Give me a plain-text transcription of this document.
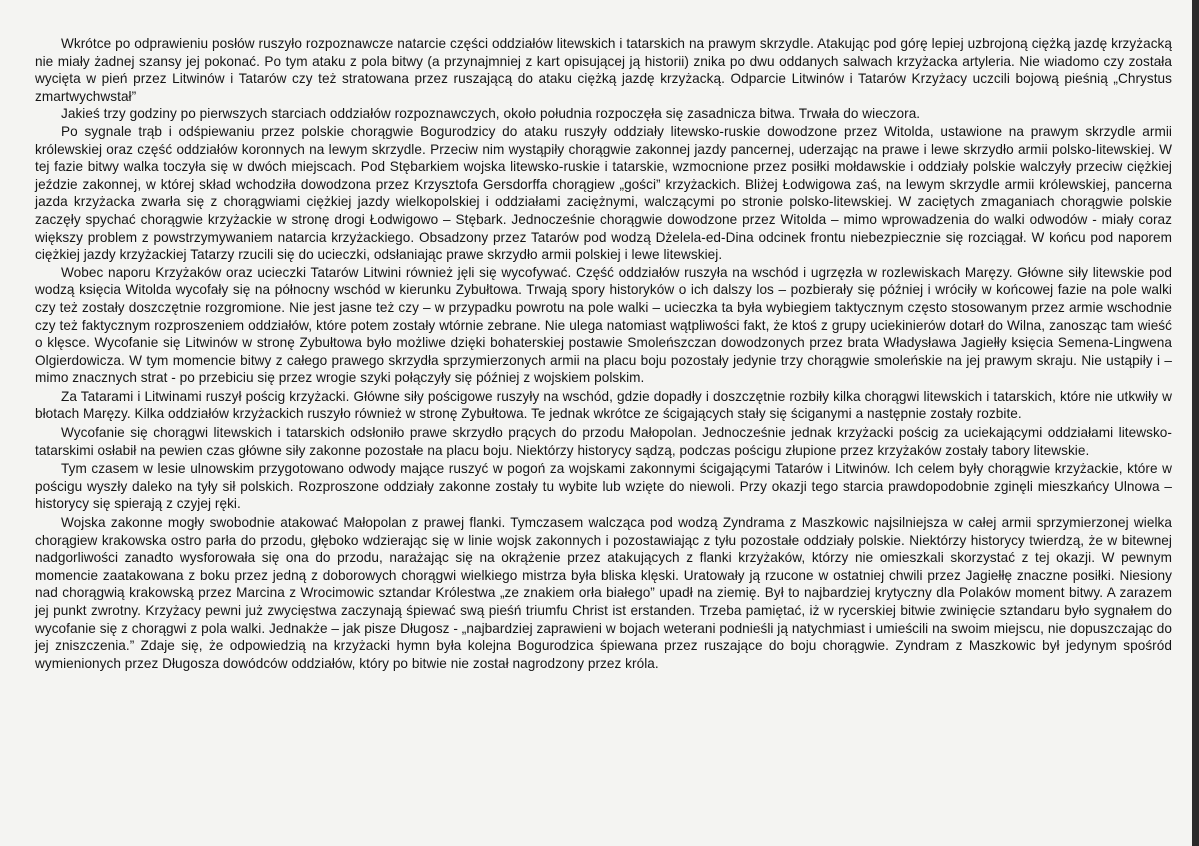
Wkrótce po odprawieniu posłów ruszyło rozpoznawcze natarcie części oddziałów litewskich i tatarskich na prawym skrzydle. Atakując pod górę lepiej uzbrojoną ciężką jazdę krzyżacką nie miały żadnej szansy jej pokonać. Po tym ataku z pola bitwy (a przynajmniej z kart opisującej ją historii) znika po dwu oddanych salwach krzyżacka artyleria. Nie wiadomo czy została wycięta w pień przez Litwinów i Tatarów czy też stratowana przez ruszającą do ataku ciężką jazdę krzyżacką. Odparcie Litwinów i Tatarów Krzyżacy uczcili bojową pieśnią „Chrystus zmartwychwstał”

Jakieś trzy godziny po pierwszych starciach oddziałów rozpoznawczych, około południa rozpoczęła się zasadnicza bitwa. Trwała do wieczora.

Po sygnale trąb i odśpiewaniu przez polskie chorągwie Bogurodzicy do ataku ruszyły oddziały litewsko-ruskie dowodzone przez Witolda, ustawione na prawym skrzydle armii królewskiej oraz część oddziałów koronnych na lewym skrzydle. Przeciw nim wystąpiły chorągwie zakonnej jazdy pancernej, uderzając na prawe i lewe skrzydło armii polsko-litewskiej. W tej fazie bitwy walka toczyła się w dwóch miejscach. Pod Stębarkiem wojska litewsko-ruskie i tatarskie, wzmocnione przez posiłki mołdawskie i oddziały polskie walczyły przeciw ciężkiej jeździe zakonnej, w której skład wchodziła dowodzona przez Krzysztofa Gersdorffa chorągiew „gości” krzyżackich. Bliżej Łodwigowa zaś, na lewym skrzydle armii królewskiej, pancerna jazda krzyżacka zwarła się z chorągwiami ciężkiej jazdy wielkopolskiej i oddziałami zaciężnymi, walczącymi po stronie polsko-litewskiej. W zaciętych zmaganiach chorągwie polskie zaczęły spychać chorągwie krzyżackie w stronę drogi Łodwigowo – Stębark. Jednocześnie chorągwie dowodzone przez Witolda – mimo wprowadzenia do walki odwodów - miały coraz większy problem z powstrzymywaniem natarcia krzyżackiego. Obsadzony przez Tatarów pod wodzą Dżelela-ed-Dina odcinek frontu niebezpiecznie się rozciągał. W końcu pod naporem ciężkiej jazdy krzyżackiej Tatarzy rzucili się do ucieczki, odsłaniając prawe skrzydło armii polskiej i lewe litewskiej.

Wobec naporu Krzyżaków oraz ucieczki Tatarów Litwini również jęli się wycofywać. Część oddziałów ruszyła na wschód i ugrzęzła w rozlewiskach Maręzy. Główne siły litewskie pod wodzą księcia Witolda wycofały się na północny wschód w kierunku Zybułtowa. Trwają spory historyków o ich dalszy los – pozbierały się później i wróciły w końcowej fazie na pole walki czy też zostały doszczętnie rozgromione. Nie jest jasne też czy – w przypadku powrotu na pole walki – ucieczka ta była wybiegiem taktycznym często stosowanym przez armie wschodnie czy też faktycznym rozproszeniem oddziałów, które potem zostały wtórnie zebrane. Nie ulega natomiast wątpliwości fakt, że ktoś z grupy uciekinierów dotarł do Wilna, zanosząc tam wieść o klęsce. Wycofanie się Litwinów w stronę Zybułtowa było możliwe dzięki bohaterskiej postawie Smoleńszczan dowodzonych przez brata Władysława Jagiełły księcia Semena-Lingwena Olgierdowicza. W tym momencie bitwy z całego prawego skrzydła sprzymierzonych armii na placu boju pozostały jedynie trzy chorągwie smoleńskie na jej prawym skraju. Nie ustąpiły i –mimo znacznych strat - po przebiciu się przez wrogie szyki połączyły się później z wojskiem polskim.

Za Tatarami i Litwinami ruszył pościg krzyżacki. Główne siły pościgowe ruszyły na wschód, gdzie dopadły i doszczętnie rozbiły kilka chorągwi litewskich i tatarskich, które nie utkwiły w błotach Maręzy. Kilka oddziałów krzyżackich ruszyło również w stronę Zybułtowa. Te jednak wkrótce ze ścigających stały się ściganymi a następnie zostały rozbite.

Wycofanie się chorągwi litewskich i tatarskich odsłoniło prawe skrzydło prących do przodu Małopolan. Jednocześnie jednak krzyżacki pościg za uciekającymi oddziałami litewsko-tatarskimi osłabił na pewien czas główne siły zakonne pozostałe na placu boju. Niektórzy historycy sądzą, podczas pościgu złupione przez krzyżaków zostały tabory litewskie.

Tym czasem w lesie ulnowskim przygotowano odwody mające ruszyć w pogoń za wojskami zakonnymi ścigającymi Tatarów i Litwinów. Ich celem były chorągwie krzyżackie, które w pościgu wyszły daleko na tyły sił polskich. Rozproszone oddziały zakonne zostały tu wybite lub wzięte do niewoli. Przy okazji tego starcia prawdopodobnie zginęli mieszkańcy Ulnowa – historycy się spierają z czyjej ręki.

Wojska zakonne mogły swobodnie atakować Małopolan z prawej flanki. Tymczasem walcząca pod wodzą Zyndrama z Maszkowic najsilniejsza w całej armii sprzymierzonej wielka chorągiew krakowska ostro parła do przodu, głęboko wdzierając się w linie wojsk zakonnych i pozostawiając z tyłu pozostałe oddziały polskie. Niektórzy historycy twierdzą, że w bitewnej nadgorliwości zanadto wysforowała się ona do przodu, narażając się na okrążenie przez atakujących z flanki krzyżaków, którzy nie omieszkali skorzystać z tej okazji. W pewnym momencie zaatakowana z boku przez jedną z doborowych chorągwi wielkiego mistrza była bliska klęski. Uratowały ją rzucone w ostatniej chwili przez Jagiełłę znaczne posiłki. Niesiony nad chorągwią krakowską przez Marcina z Wrocimowic sztandar Królestwa „ze znakiem orła białego” upadł na ziemię. Był to najbardziej krytyczny dla Polaków moment bitwy. A zarazem jej punkt zwrotny. Krzyżacy pewni już zwycięstwa zaczynają śpiewać swą pieśń triumfu Christ ist erstanden. Trzeba pamiętać, iż w rycerskiej bitwie zwinięcie sztandaru było sygnałem do wycofanie się z chorągwi z pola walki. Jednakże – jak pisze Długosz - „najbardziej zaprawieni w bojach weterani podnieśli ją natychmiast i umieścili na swoim miejscu, nie dopuszczając do jej zniszczenia.” Zdaje się, że odpowiedzią na krzyżacki hymn była kolejna Bogurodzica śpiewana przez ruszające do boju chorągwie. Zyndram z Maszkowic był jedynym spośród wymienionych przez Długosza dowódców oddziałów, który po bitwie nie został nagrodzony przez króla.
